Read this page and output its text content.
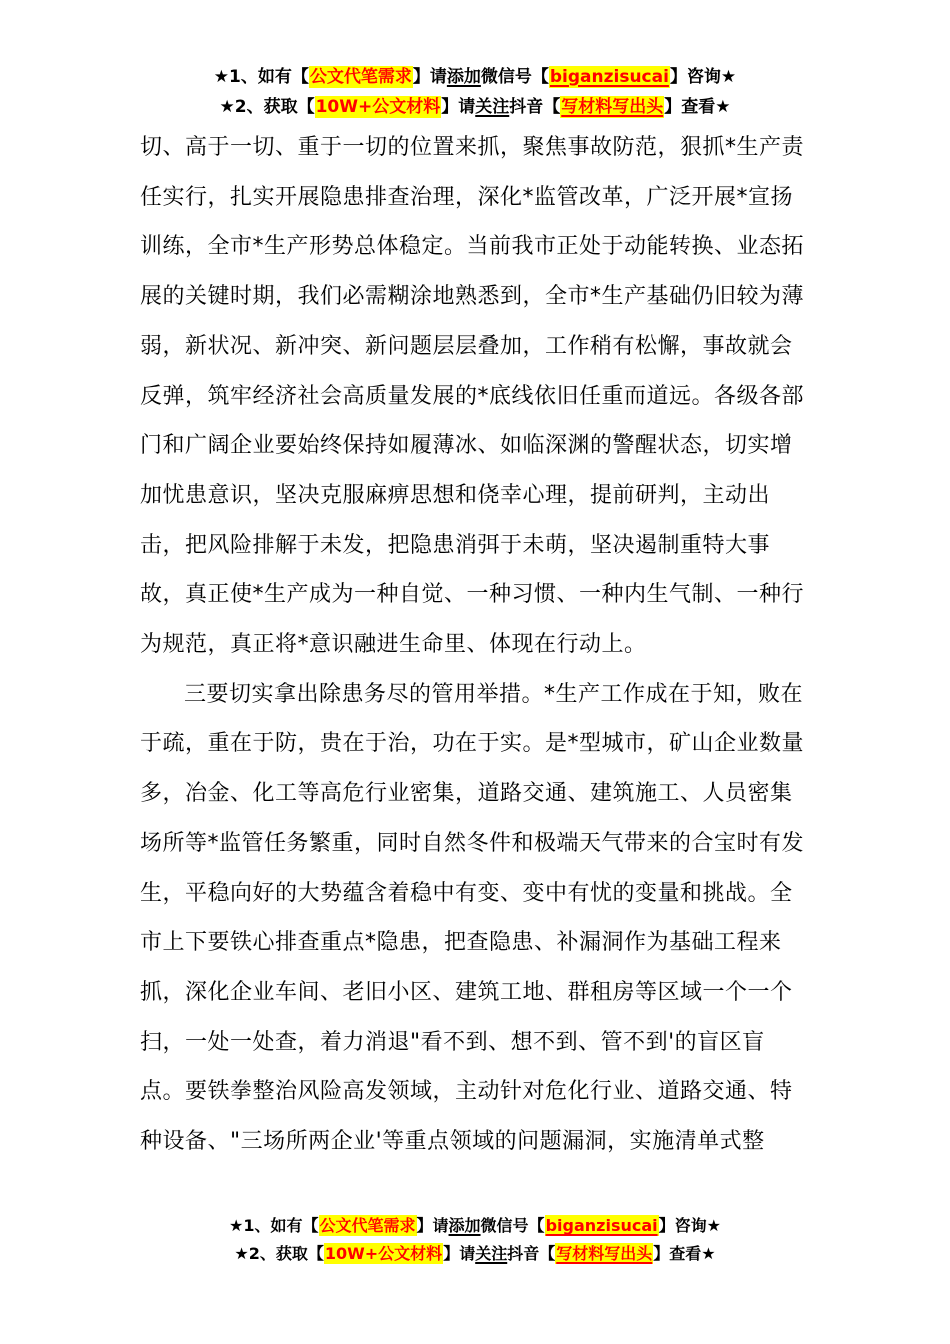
★1、如有【公文代笔需求】请添加微信号【biganzisucai】咨询★
★2、获取【10W+公文材料】请关注抖音【写材料写出头】查看★
切、高于一切、重于一切的位置来抓，聚焦事故防范，狠抓*生产责
任实行，扎实开展隐患排查治理，深化*监管改革，广泛开展*宣扬
训练，全市*生产形势总体稳定。当前我市正处于动能转换、业态拓
展的关键时期，我们必需糊涂地熟悉到，全市*生产基础仍旧较为薄
弱，新状况、新冲突、新问题层层叠加，工作稍有松懈，事故就会
反弹，筑牢经济社会高质量发展的*底线依旧任重而道远。各级各部
门和广阔企业要始终保持如履薄冰、如临深渊的警醒状态，切实增
加忧患意识，坚决克服麻痹思想和侥幸心理，提前研判，主动出
击，把风险排解于未发，把隐患消弭于未萌，坚决遏制重特大事
故，真正使*生产成为一种自觉、一种习惯、一种内生气制、一种行
为规范，真正将*意识融进生命里、体现在行动上。
三要切实拿出除患务尽的管用举措。*生产工作成在于知，败在
于疏，重在于防，贵在于治，功在于实。是*型城市，矿山企业数量
多，冶金、化工等高危行业密集，道路交通、建筑施工、人员密集
场所等*监管任务繁重，同时自然冬件和极端天气带来的合宝时有发
生，平稳向好的大势蕴含着稳中有变、变中有忧的变量和挑战。全
市上下要铁心排查重点*隐患，把查隐患、补漏洞作为基础工程来
抓，深化企业车间、老旧小区、建筑工地、群租房等区域一个一个
扫，一处一处查，着力消退"看不到、想不到、管不到'的盲区盲
点。要铁拳整治风险高发领域，主动针对危化行业、道路交通、特
种设备、"三场所两企业'等重点领域的问题漏洞，实施清单式整
★1、如有【公文代笔需求】请添加微信号【biganzisucai】咨询★
★2、获取【10W+公文材料】请关注抖音【写材料写出头】查看★
